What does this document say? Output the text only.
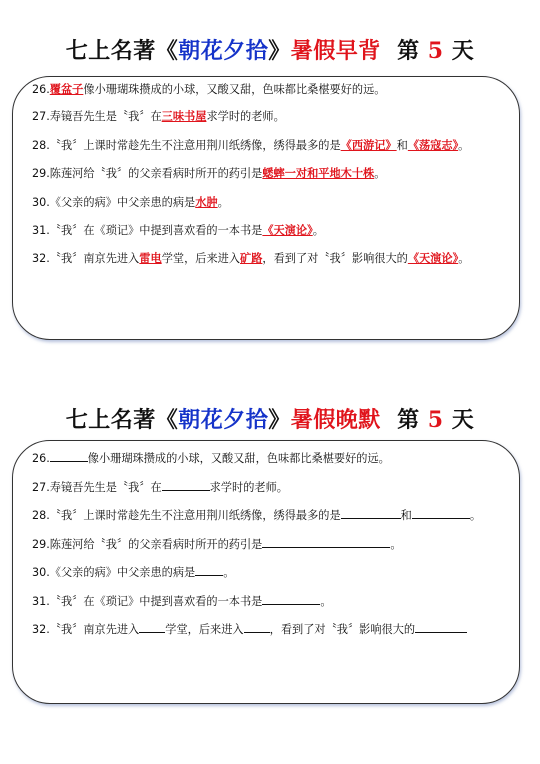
七上名著《朝花夕拾》暑假早背 第 5 天
26.覆盆子像小珊瑚珠攒成的小球，又酸又甜，色味都比桑椹要好的远。
27.寿镜吾先生是〝我〞在三味书屋求学时的老师。
28.〝我〞上课时常趁先生不注意用荆川纸绣像，绣得最多的是《西游记》和《荡寇志》。
29.陈莲河给〝我〞的父亲看病时所开的药引是蟋蟀一对和平地木十株。
30.《父亲的病》中父亲患的病是水肿。
31.〝我〞在《琐记》中提到喜欢看的一本书是《天演论》。
32.〝我〞南京先进入雷电学堂，后来进入矿路，看到了对〝我〞影响很大的《天演论》。
七上名著《朝花夕拾》暑假晚默 第 5 天
26.	像小珊瑚珠攒成的小球，又酸又甜，色味都比桑椹要好的远。
27.寿镜吾先生是〝我〞在	求学时的老师。
28.〝我〞上课时常趁先生不注意用荆川纸绣像，绣得最多的是	和	。
29.陈莲河给〝我〞的父亲看病时所开的药引是	。
30.《父亲的病》中父亲患的病是	。
31.〝我〞在《琐记》中提到喜欢看的一本书是	。
32.〝我〞南京先进入 学堂，后来进入 ，看到了对〝我〞影响很大的
